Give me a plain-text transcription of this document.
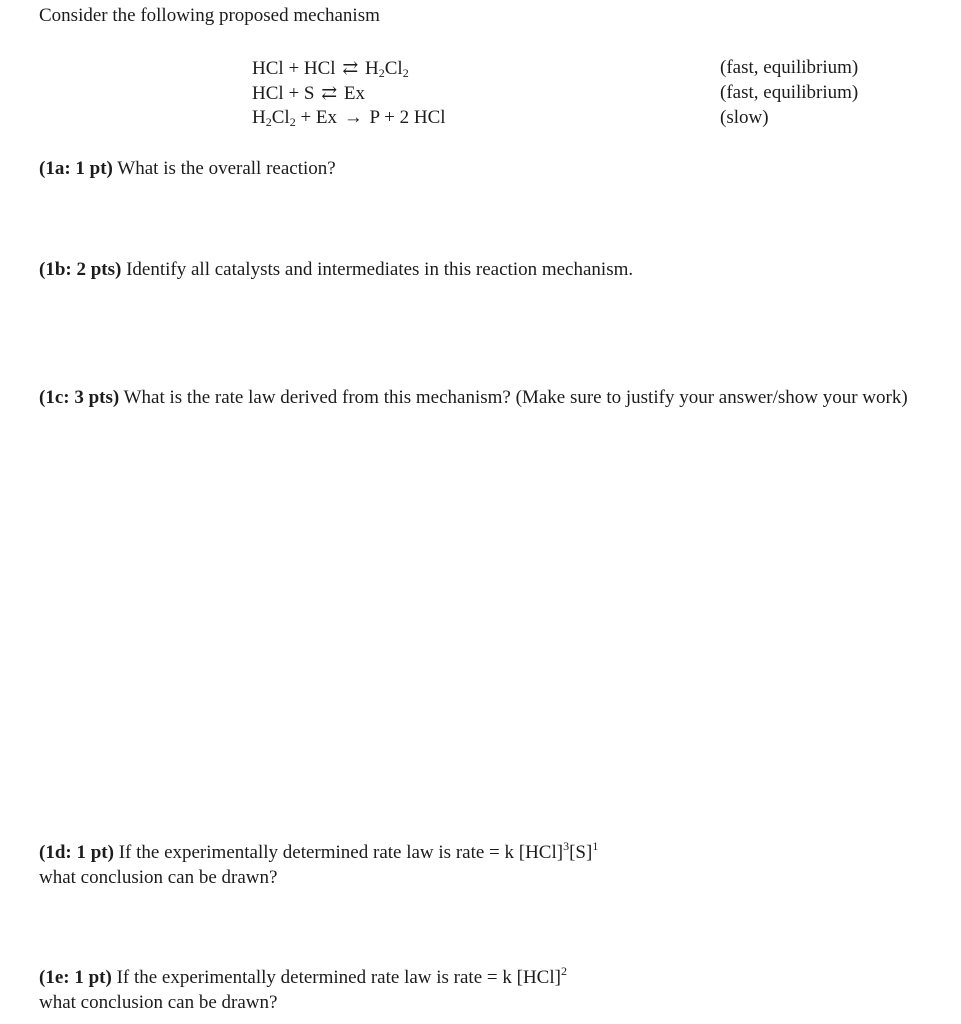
Consider the following proposed mechanism
HCl + HCl ⇄ $H_2Cl_2$	(fast, equilibrium)
HCl + S ⇄ Ex	(fast, equilibrium)
$H_2Cl_2 + Ex \to P + 2$ HCl	(slow)
(1a: 1 pt) What is the overall reaction?
(1b: 2 pts) Identify all catalysts and intermediates in this reaction mechanism.
(1c: 3 pts) What is the rate law derived from this mechanism? (Make sure to justify your answer/show your work)
(1d: 1 pt) If the experimentally determined rate law is rate = k $[HCl]^3[S]^1$
what conclusion can be drawn?
(1e: 1 pt) If the experimentally determined rate law is rate = k [HCl]$^2$
what conclusion can be drawn?
